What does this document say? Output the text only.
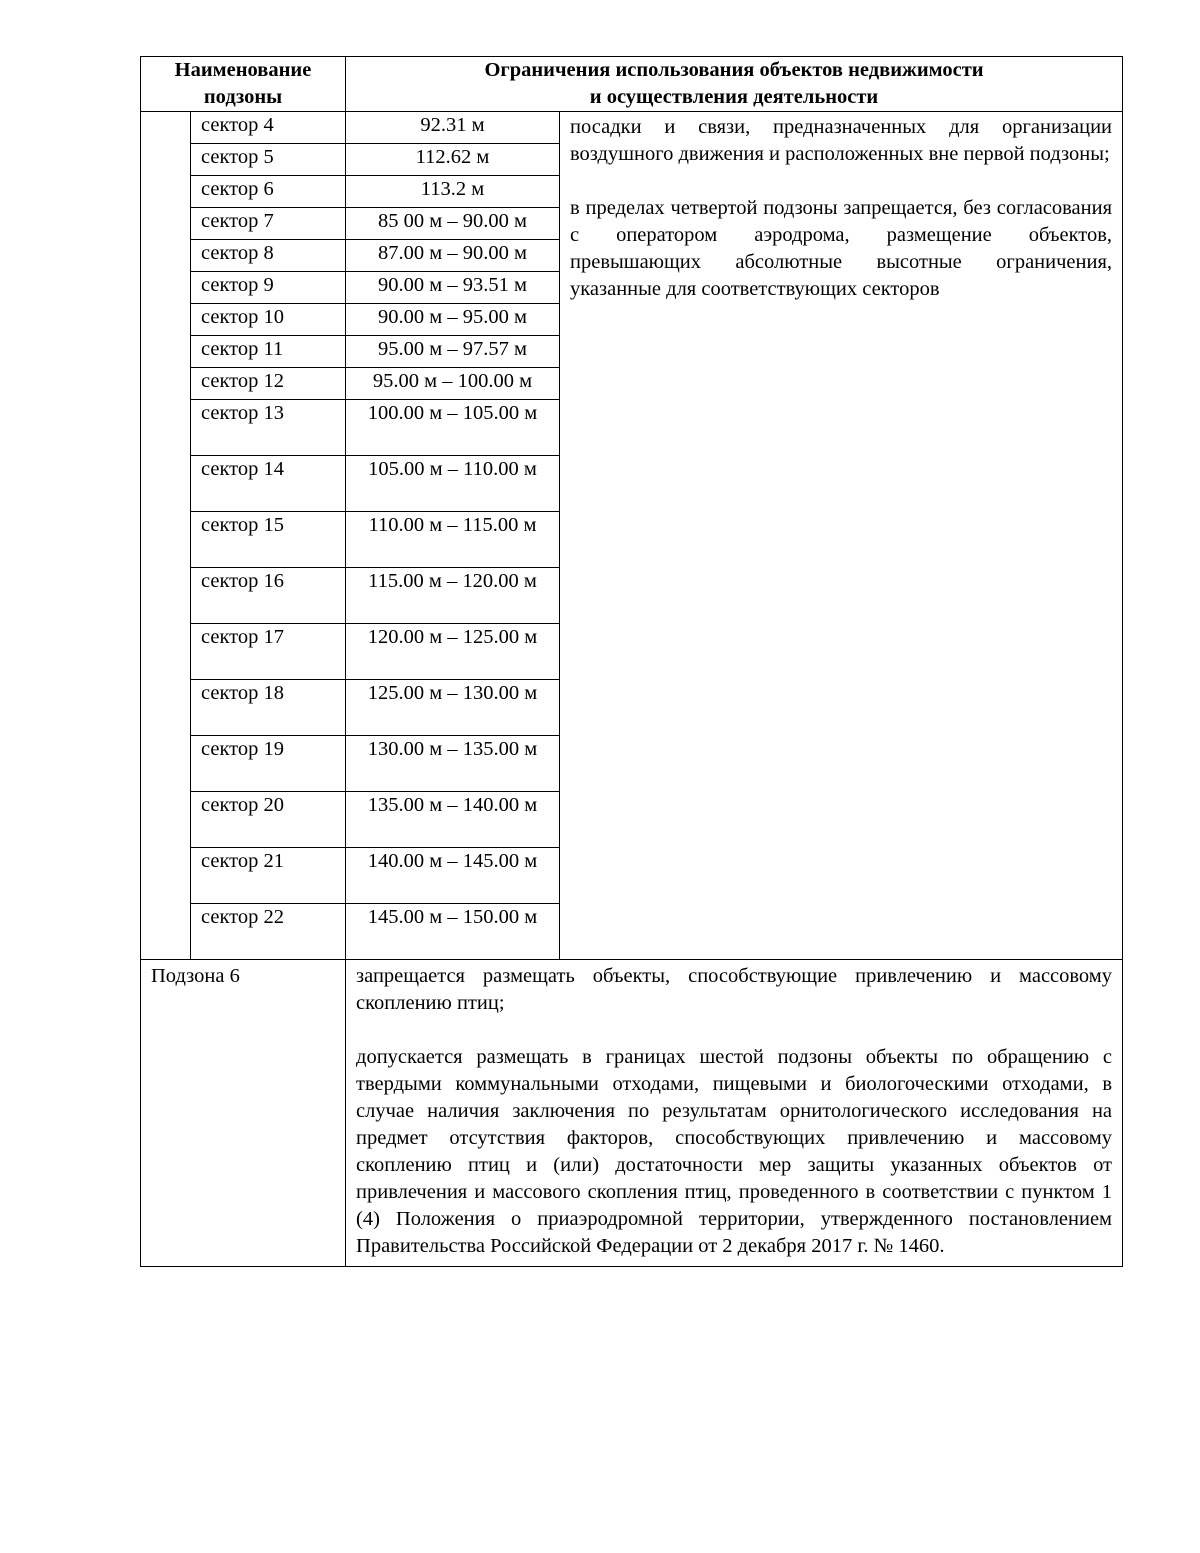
Наименование подзоны		Ограничения использования объектов недвижимости
и осуществления деятельности	

	сектор 4	92.31 м	посадки и связи, предназначенных для организации воздушного движения и расположенных вне первой подзоны;

в пределах четвертой подзоны запрещается, без согласования с оператором аэродрома, размещение объектов, превышающих абсолютные высотные ограничения, указанные для соответствующих секторов

	сектор 5	112.62 м	
	сектор 6	113.2 м	
	сектор 7	85 00 м – 90.00 м	
	сектор 8	87.00 м – 90.00 м	
	сектор 9	90.00 м – 93.51 м	
	сектор 10	90.00 м – 95.00 м	
	сектор 11	95.00 м – 97.57 м	
	сектор 12	95.00 м – 100.00 м	
	сектор 13	100.00 м – 105.00 м	
	сектор 14	105.00 м – 110.00 м	
	сектор 15	110.00 м – 115.00 м	
	сектор 16	115.00 м – 120.00 м	
	сектор 17	120.00 м – 125.00 м	
	сектор 18	125.00 м – 130.00 м	
	сектор 19	130.00 м – 135.00 м	
	сектор 20	135.00 м – 140.00 м	
	сектор 21	140.00 м – 145.00 м	
	сектор 22	145.00 м – 150.00 м	
Подзона 6		запрещается размещать объекты, способствующие привлечению и массовому скоплению птиц;

допускается размещать в границах шестой подзоны объекты по обращению с твердыми коммунальными отходами, пищевыми и биологоческими отходами, в случае наличия заключения по результатам орнитологического исследования на предмет отсутствия факторов, способствующих привлечению и массовому скоплению птиц и (или) достаточности мер защиты указанных объектов от привлечения и массового скопления птиц, проведенного в соответствии с пунктом 1 (4) Положения о приаэродромной территории, утвержденного постановлением Правительства Российской Федерации от 2 декабря 2017 г. № 1460.	
